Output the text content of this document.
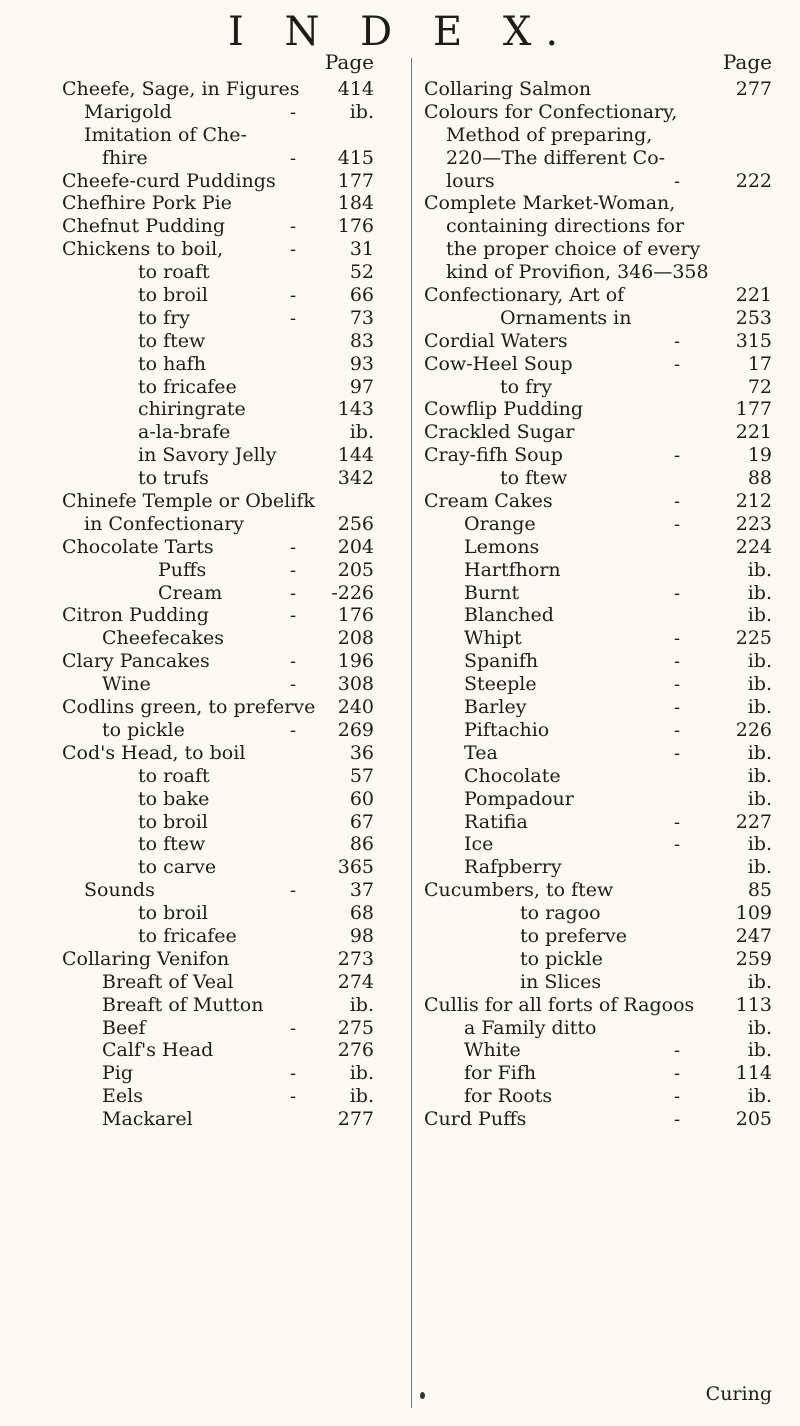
I N D E X.
Page	Page
Cheefe, Sage, in Figures 414
Marigold	-	ib.
Imitation of Che-
fhire	- 415
Cheefe-curd Puddings	177
Chefhire Pork Pie	184
Chefnut Pudding	- 176
Chickens to boil,	-	31
to roaft	52
to broil	-	66
to fry	-	73
to ftew	83
to hafh	93
to fricafee	97
chiringrate	143
a-la-brafe	ib.
in Savory Jelly	144
to trufs	342
Chinefe Temple or Obelifk
in Confectionary	256
Chocolate Tarts	- 204
Puffs	- 205
Cream	- -226
Citron Pudding	- 176
Cheefecakes	208
Clary Pancakes	- 196
Wine	- 308
Codlins green, to preferve 240
to pickle	- 269
Cod's Head, to boil	36
to roaft	57
to bake	60
to broil	67
to ftew	86
to carve	365
Sounds	-	37
to broil	68
to fricafee	98
Collaring Venifon	273
Breaft of Veal	274
Breaft of Mutton	ib.
Beef	- 275
Calf's Head	276
Pig	-	ib.
Eels	-	ib.
Mackarel	277
Collaring Salmon	277
Colours for Confectionary,
Method of preparing,
220—The different Co-
lours	-	222
Complete Market-Woman,
containing directions for
the proper choice of every
kind of Provifion, 346—358
Confectionary, Art of	221
Ornaments in	253
Cordial Waters	-	315
Cow-Heel Soup	-	17
to fry	72
Cowflip Pudding	177
Crackled Sugar	221
Cray-fifh Soup	-	19
to ftew	88
Cream Cakes	-	212
Orange	-	223
Lemons	224
Hartfhorn	ib.
Burnt	-	ib.
Blanched	ib.
Whipt	-	225
Spanifh	-	ib.
Steeple	-	ib.
Barley	-	ib.
Piftachio	-	226
Tea	-	ib.
Chocolate	ib.
Pompadour	ib.
Ratifia	-	227
Ice	-	ib.
Rafpberry	ib.
Cucumbers, to ftew	85
to ragoo	109
to preferve	247
to pickle	259
in Slices	ib.
Cullis for all forts of Ragoos 113
a Family ditto	ib.
White	-	ib.
for Fifh	-	114
for Roots	-	ib.
Curd Puffs	-	205
Curing
